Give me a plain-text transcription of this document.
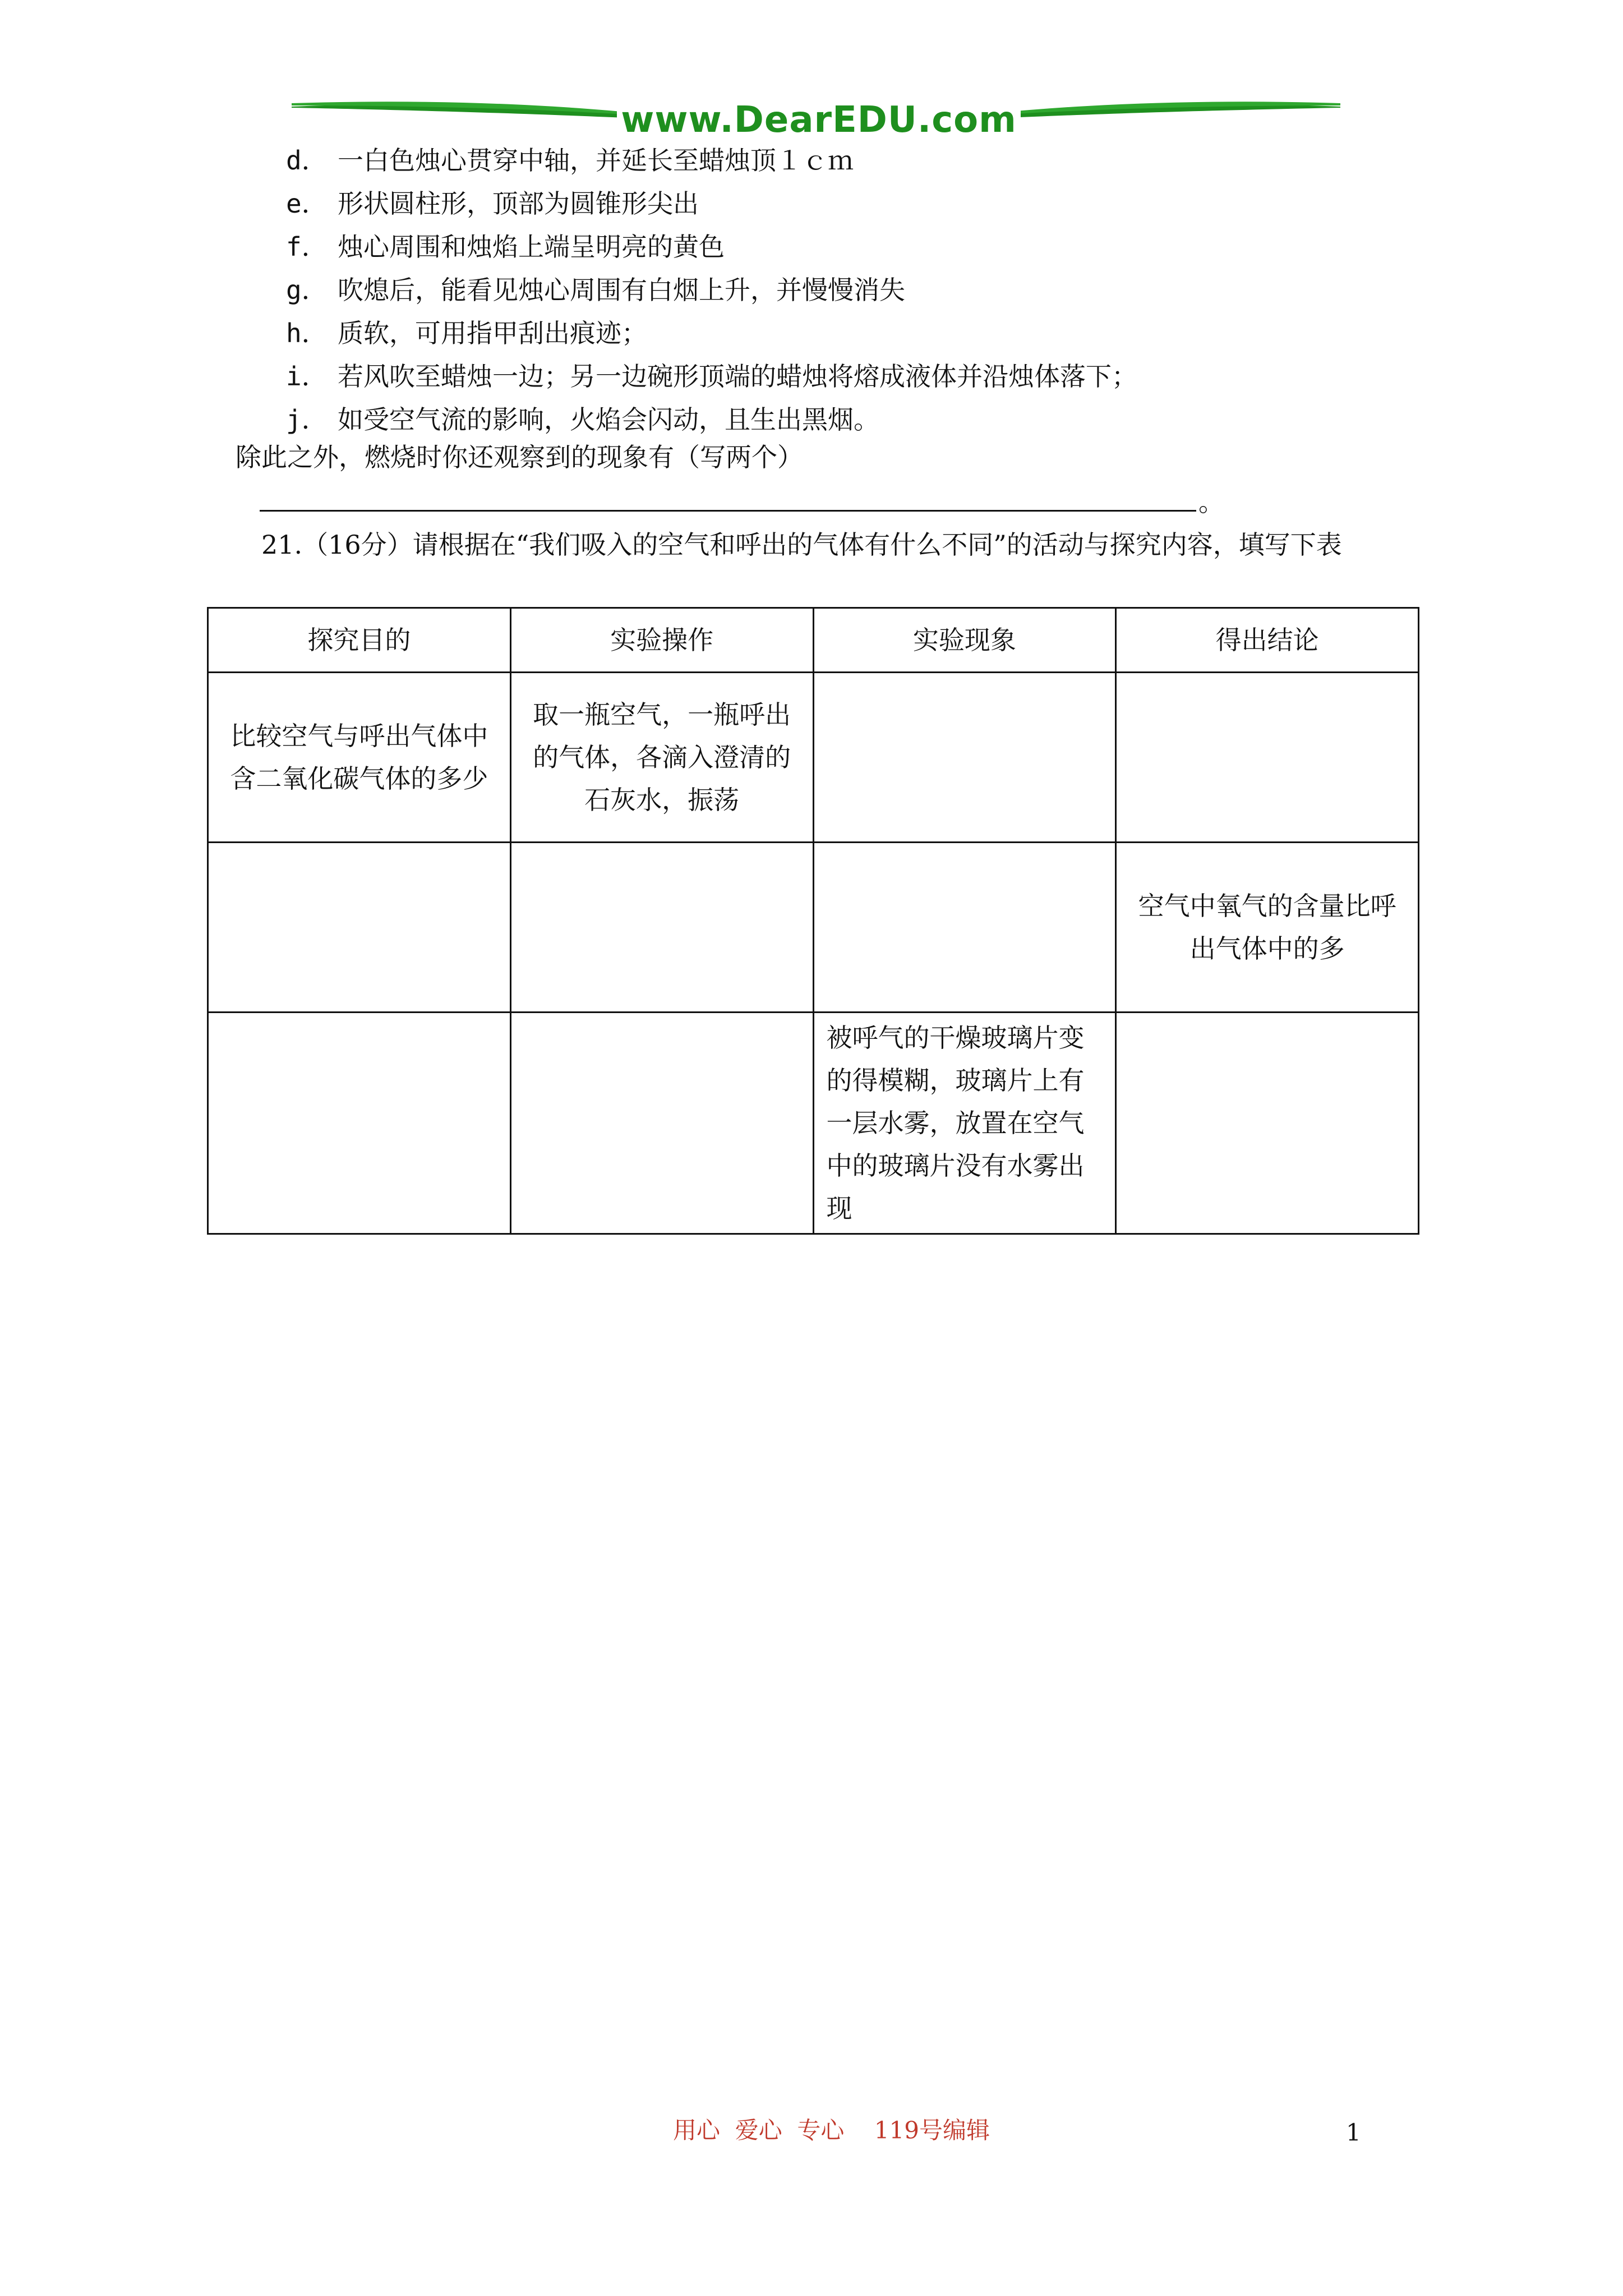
www.DearEDU.com
d． 一白色烛心贯穿中轴，并延长至蜡烛顶１ｃｍ
e． 形状圆柱形，顶部为圆锥形尖出
f． 烛心周围和烛焰上端呈明亮的黄色
g． 吹熄后，能看见烛心周围有白烟上升，并慢慢消失
h． 质软，可用指甲刮出痕迹；
i． 若风吹至蜡烛一边；另一边碗形顶端的蜡烛将熔成液体并沿烛体落下；
j． 如受空气流的影响，火焰会闪动，且生出黑烟。
除此之外，燃烧时你还观察到的现象有（写两个）
。
21.（16分）请根据在“我们吸入的空气和呼出的气体有什么不同”的活动与探究内容，填写下表
探究目的	实验操作	实验现象	得出结论
比较空气与呼出气体中含二氧化碳气体的多少	取一瓶空气，一瓶呼出的气体，各滴入澄清的石灰水，振荡		
			空气中氧气的含量比呼出气体中的多
		被呼气的干燥玻璃片变的得模糊，玻璃片上有一层水雾，放置在空气中的玻璃片没有水雾出现	
用心  爱心  专心    119号编辑	1
